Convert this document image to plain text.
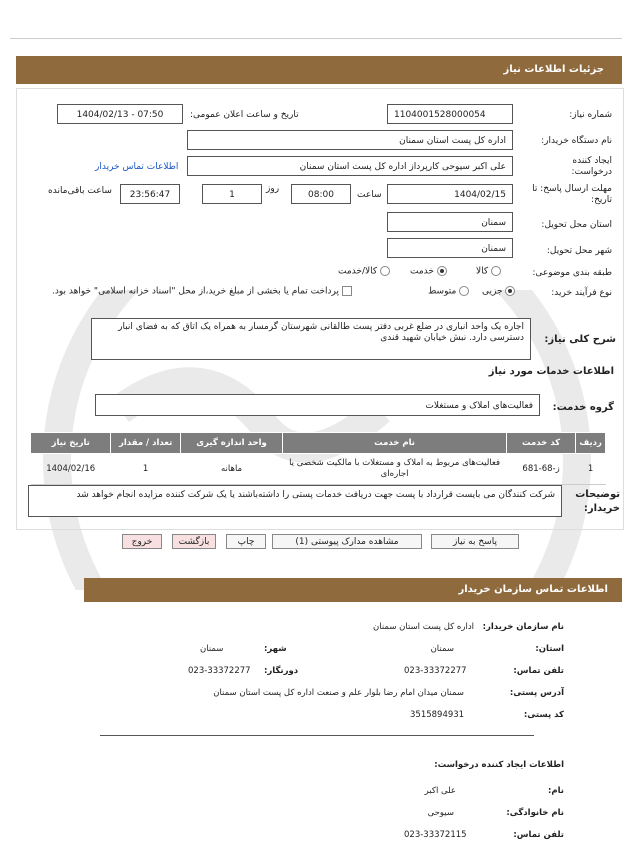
جزئیات اطلاعات نیاز
شماره نیاز:
1104001528000054
تاریخ و ساعت اعلان عمومی:
1404/02/13 - 07:50
نام دستگاه خریدار:
اداره کل پست استان سمنان
ایجاد کننده درخواست:
علی اکبر سیوحی کارپرداز اداره کل پست استان سمنان
اطلاعات تماس خریدار
مهلت ارسال پاسخ: تا تاریخ:
1404/02/15
ساعت
08:00
روز
1
23:56:47
ساعت باقی‌مانده
استان محل تحویل:
سمنان
شهر محل تحویل:
سمنان
طبقه بندی موضوعی:
کالا
خدمت
کالا/خدمت
نوع فرآیند خرید:
جزیی
متوسط
پرداخت تمام یا بخشی از مبلغ خرید،از محل "اسناد خزانه اسلامی" خواهد بود.
شرح کلی نیاز:
اجاره یک واحد انباری در ضلع غربی دفتر پست طالقانی شهرستان گرمسار به همراه یک اتاق که به فضای انبار دسترسی دارد. نبش خیابان شهید قندی
اطلاعات خدمات مورد نیاز
گروه خدمت:
فعالیت‌های املاک و مستغلات
ردیف	کد خدمت	نام خدمت	واحد اندازه گیری	تعداد / مقدار	تاریخ نیاز
1	ز-68-681	فعالیت‌های مربوط به املاک و مستغلات با مالکیت شخصی یا اجاره‌ای	ماهانه	1	1404/02/16
توضیحات خریدار:
شرکت کنندگان می بایست قرارداد با پست جهت دریافت خدمات پستی را داشته‌باشند یا یک شرکت کننده مزایده انجام خواهد شد
پاسخ به نیاز
مشاهده مدارک پیوستی (1)
چاپ
بازگشت
خروج
اطلاعات تماس سازمان خریدار
نام سازمان خریدار:
اداره کل پست استان سمنان
استان:
سمنان
شهر:
سمنان
تلفن تماس:
023-33372277
دورنگار:
023-33372277
آدرس پستی:
سمنان میدان امام رضا بلوار علم و صنعت اداره کل پست استان سمنان
کد پستی:
3515894931
اطلاعات ایجاد کننده درخواست:
نام:
علی اکبر
نام خانوادگی:
سیوحی
تلفن تماس:
023-33372115
